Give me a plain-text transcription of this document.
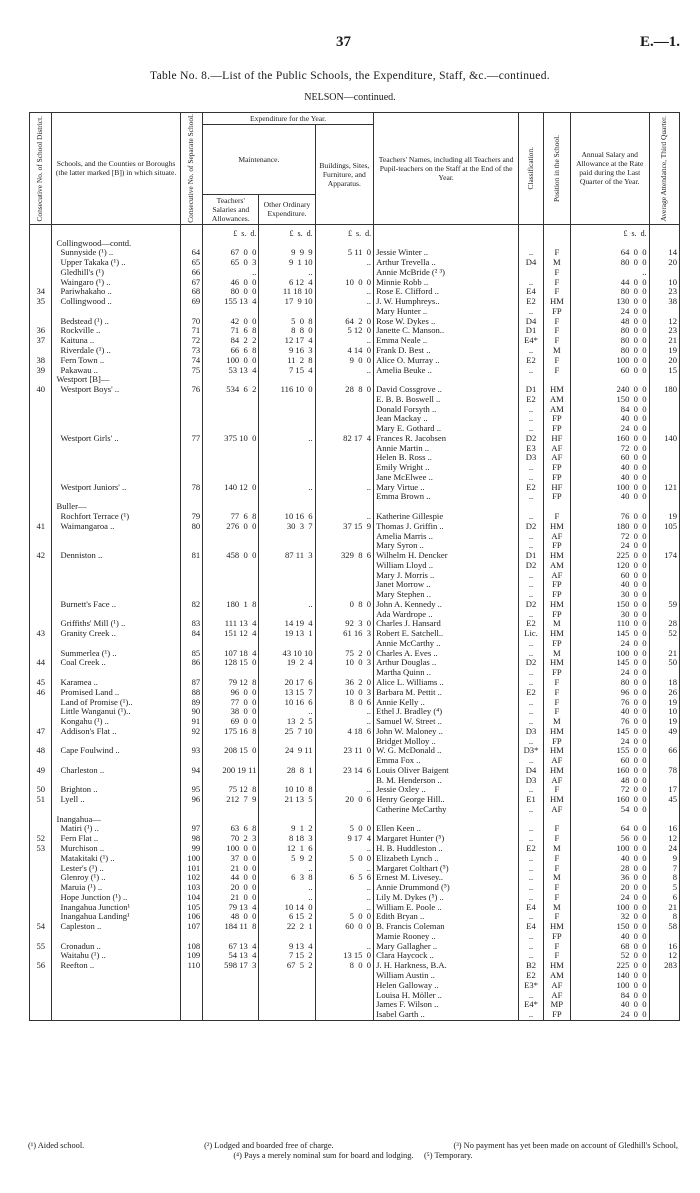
37	E.—1.
Table No. 8.—List of the Public Schools, the Expenditure, Staff, &c.—continued.
NELSON—continued.
Consecutive No. of School District.	Schools, and the Counties or Boroughs (the latter marked [B]) in which situate.	Consecutive No. of Separate School.	Expenditure for the Year.			Teachers' Names, including all Teachers and Pupil-teachers on the Staff at the End of the Year.	Classification.	Position in the School.	Annual Salary and Allowance at the Rate paid during the Last Quarter of the Year.	Average Attendance, Third Quarter.

			Maintenance.		Buildings, Sites, Furniture, and Apparatus.					
			Teachers' Salaries and Allowances.	Other Ordinary Expenditure.						

			£ s. d.	£ s. d.	£ s. d.				£ s. d.	
	Collingwood—contd.									
	Sunnyside (¹) ..	64	67  0  0	9  9  9	5 11  0	Jessie Winter ..	..	F	64  0  0	14
	Upper Takaka (¹) ..	65	65  0  3	9  1 10	..	Arthur Trevella ..	D4	M	80  0  0	20
	Gledhill's (¹)	66	..	..		Annie McBride (² ³)		F	..	
	Waingaro (¹) ..	67	46  0  0	6 12  4	10  0  0	Minnie Robb ..	..	F	44  0  0	10
34	Pariwhakaho ..	68	80  0  0	11 18 10	..	Rose E. Clifford ..	E4	F	80  0  0	23
35	Collingwood ..	69	155 13  4	17  9 10	..	J. W. Humphreys..	E2	HM	130  0  0	38
						Mary Hunter ..	..	FP	24  0  0	
	Bedstead (¹) ..	70	42  0  0	5  0  8	64  2  0	Rose W. Dykes ..	D4	F	48  0  0	12
36	Rockville ..	71	71  6  8	8  8  0	5 12  0	Janette C. Manson..	D1	F	80  0  0	23
37	Kaituna ..	72	84  2  2	12 17  4	..	Emma Neale ..	E4*	F	80  0  0	21
	Riverdale (¹) ..	73	66  6  8	9 16  3	4 14  0	Frank D. Best ..	..	M	80  0  0	19
38	Fern Town ..	74	100  0  0	11  2  8	9  0  0	Alice O. Murray ..	E2	F	100  0  0	20
39	Pakawau ..	75	53 13  4	7 15  4	..	Amelia Beuke ..	..	F	60  0  0	15
	Westport [B]—									
40	Westport Boys' ..	76	534  6  2	116 10  0	28  8  0	David Cossgrove ..	D1	HM	240  0  0	180
						E. B. B. Boswell ..	E2	AM	150  0  0	
						Donald Forsyth ..	..	AM	84  0  0	
						Jean Mackay ..	..	FP	40  0  0	
						Mary E. Gothard ..	..	FP	24  0  0	
	Westport Girls' ..	77	375 10  0	..	82 17  4	Frances R. Jacobsen	D2	HF	160  0  0	140
						Annie Martin ..	E3	AF	72  0  0	
						Helen B. Ross ..	D3	AF	60  0  0	
						Emily Wright ..	..	FP	40  0  0	
						Jane McElwee ..	..	FP	40  0  0	
	Westport Juniors' ..	78	140 12  0	..	..	Mary Virtue ..	E2	HF	100  0  0	121
						Emma Brown ..	..	FP	40  0  0	
	Buller—									
	Rochfort Terrace (¹)	79	77  6  8	10 16  6	..	Katherine Gillespie	..	F	76  0  0	19
41	Waimangaroa ..	80	276  0  0	30  3  7	37 15  9	Thomas J. Griffin ..	D2	HM	180  0  0	105
						Amelia Marris ..	..	AF	72  0  0	
						Mary Syron ..	..	FP	24  0  0	
42	Denniston ..	81	458  0  0	87 11  3	329  8  6	Wilhelm H. Dencker	D1	HM	225  0  0	174
						William Lloyd ..	D2	AM	120  0  0	
						Mary J. Morris ..	..	AF	60  0  0	
						Janet Morrow ..	..	FP	40  0  0	
						Mary Stephen ..	..	FP	30  0  0	
	Burnett's Face ..	82	180  1  8	..	0  8  0	John A. Kennedy ..	D2	HM	150  0  0	59
						Ada Wardrope ..	..	FP	30  0  0	
	Griffiths' Mill (¹) ..	83	111 13  4	14 19  4	92  3  0	Charles J. Hansard	E2	M	110  0  0	28
43	Granity Creek ..	84	151 12  4	19 13  1	61 16  3	Robert E. Satchell..	Lic.	HM	145  0  0	52
						Annie McCarthy ..	..	FP	24  0  0	
	Summerlea (¹) ..	85	107 18  4	43 10 10	75  2  0	Charles A. Eves ..	..	M	100  0  0	21
44	Coal Creek ..	86	128 15  0	19  2  4	10  0  3	Arthur Douglas ..	D2	HM	145  0  0	50
						Martha Quinn ..	..	FP	24  0  0	
45	Karamea ..	87	79 12  8	20 17  6	36  2  0	Alice L. Williams ..	..	F	80  0  0	18
46	Promised Land ..	88	96  0  0	13 15  7	10  0  3	Barbara M. Pettit ..	E2	F	96  0  0	26
	Land of Promise (¹)..	89	77  0  0	10 16  6	8  0  6	Annie Kelly ..	..	F	76  0  0	19
	Little Wanganui (¹)..	90	38  0  0	..	..	Ethel J. Bradley (⁴)	..	F	40  0  0	10
	Kongahu (¹) ..	91	69  0  0	13  2  5	..	Samuel W. Street ..	..	M	76  0  0	19
47	Addison's Flat ..	92	175 16  8	25  7 10	4 18  6	John W. Maloney ..	D3	HM	145  0  0	49
						Bridget Molloy ..	..	FP	24  0  0	
48	Cape Foulwind ..	93	208 15  0	24  9 11	23 11  0	W. G. McDonald ..	D3*	HM	155  0  0	66
						Emma Fox ..	..	AF	60  0  0	
49	Charleston ..	94	200 19 11	28  8  1	23 14  6	Louis Oliver Baigent	D4	HM	160  0  0	78
						B. M. Henderson ..	D3	AF	48  0  0	
50	Brighton ..	95	75 12  8	10 10  8	..	Jessie Oxley ..	..	F	72  0  0	17
51	Lyell ..	96	212  7  9	21 13  5	20  0  6	Henry George Hill..	E1	HM	160  0  0	45
						Catherine McCarthy	..	AF	54  0  0	
	Inangahua—									
	Matiri (¹) ..	97	63  6  8	9  1  2	5  0  0	Ellen Keen ..	..	F	64  0  0	16
52	Fern Flat ..	98	70  2  3	8 18  3	9 17  4	Margaret Hunter (⁵)	..	F	56  0  0	12
53	Murchison ..	99	100  0  0	12  1  6	..	H. B. Huddleston ..	E2	M	100  0  0	24
	Matakitaki (¹) ..	100	37  0  0	5  9  2	5  0  0	Elizabeth Lynch ..	..	F	40  0  0	9
	Lester's (¹) ..	101	21  0  0	..	..	Margaret Colthart (⁵)	..	F	28  0  0	7
	Glenroy (¹) ..	102	44  0  0	6  3  8	6  5  6	Ernest M. Livesey..	..	M	36  0  0	8
	Maruia (¹) ..	103	20  0  0	..	..	Annie Drummond (⁵)	..	F	20  0  0	5
	Hope Junction (¹) ..	104	21  0  0	..	..	Lily M. Dykes (⁵) ..	..	F	24  0  0	6
	Inangahua Junction¹	105	79 13  4	10 14  0	..	William E. Poole ..	E4	M	100  0  0	21
	Inangahua Landing¹	106	48  0  0	6 15  2	5  0  0	Edith Bryan ..	..	F	32  0  0	8
54	Capleston ..	107	184 11  8	22  2  1	60  0  0	B. Francis Coleman	E4	HM	150  0  0	58
						Mamie Rooney ..	..	FP	40  0  0	
55	Cronadun ..	108	67 13  4	9 13  4	..	Mary Gallagher ..	..	F	68  0  0	16
	Waitahu (¹) ..	109	54 13  4	7 15  2	13 15  0	Clara Haycock ..	..	F	52  0  0	12
56	Reefton ..	110	598 17  3	67  5  2	8  0  0	J. H. Harkness, B.A.	B2	HM	225  0  0	283
						William Austin ..	E2	AM	140  0  0	
						Helen Galloway ..	E3*	AF	100  0  0	
						Louisa H. Möller ..	..	AF	84  0  0	
						James F. Wilson ..	E4*	MP	40  0  0	
						Isabel Garth ..	..	FP	24  0  0	
(¹) Aided school.	(²) Lodged and boarded free of charge.	(³) No payment has yet been made on account of Gledhill's School,
(⁴) Pays a merely nominal sum for board and lodging. (⁵) Temporary.
